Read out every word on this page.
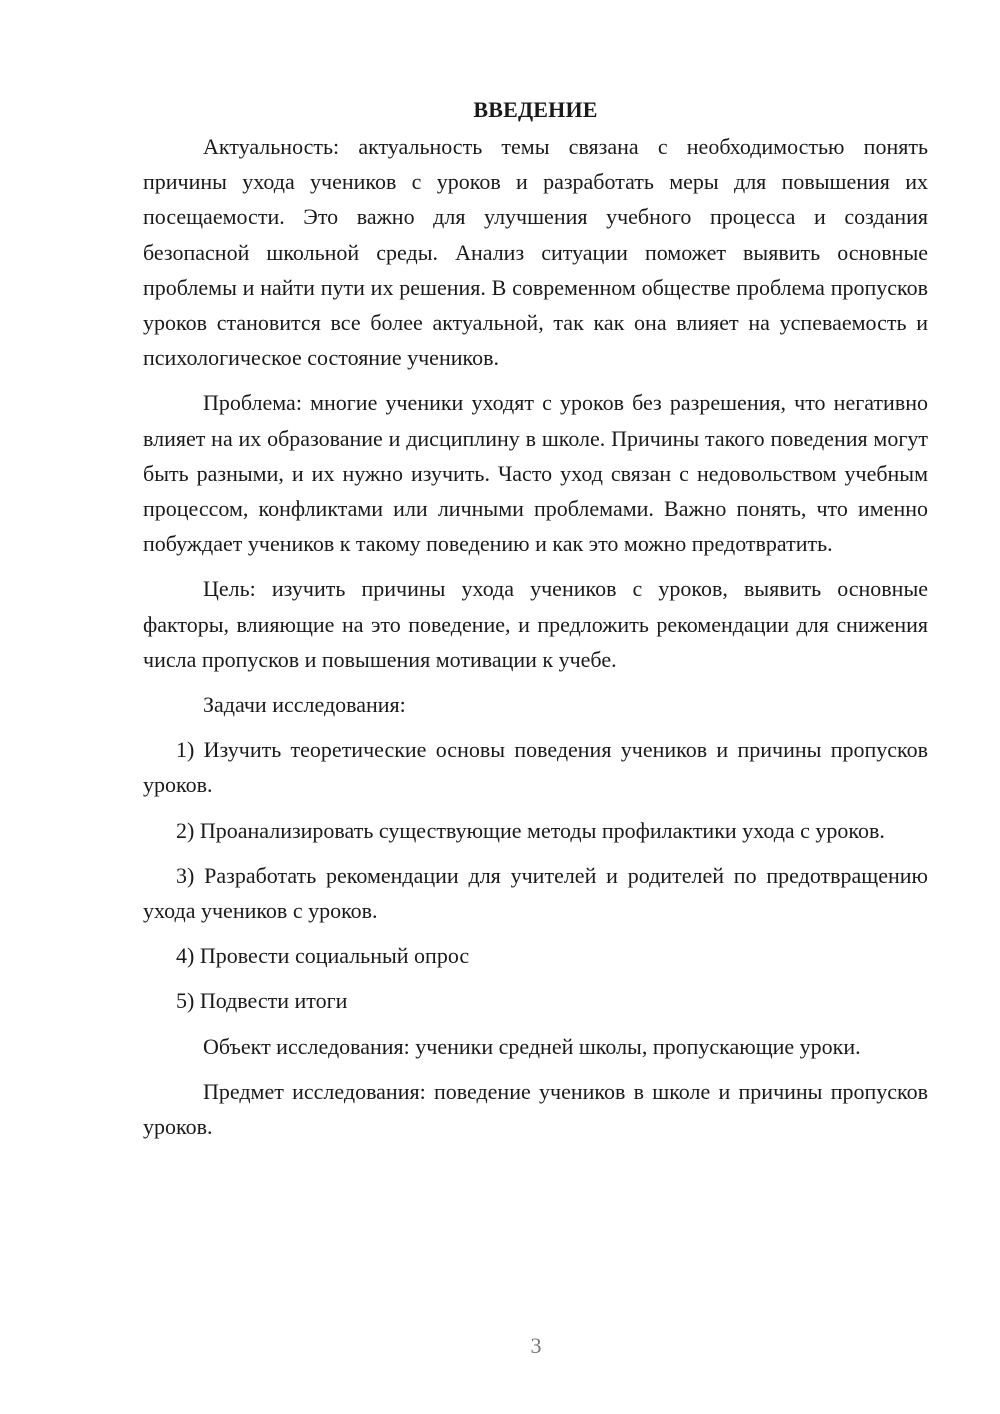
ВВЕДЕНИЕ

Актуальность: актуальность темы связана с необходимостью понять причины ухода учеников с уроков и разработать меры для повышения их посещаемости. Это важно для улучшения учебного процесса и создания безопасной школьной среды. Анализ ситуации поможет выявить основные проблемы и найти пути их решения. В современном обществе проблема пропусков уроков становится все более актуальной, так как она влияет на успеваемость и психологическое состояние учеников.

Проблема: многие ученики уходят с уроков без разрешения, что негативно влияет на их образование и дисциплину в школе. Причины такого поведения могут быть разными, и их нужно изучить. Часто уход связан с недовольством учебным процессом, конфликтами или личными проблемами. Важно понять, что именно побуждает учеников к такому поведению и как это можно предотвратить.

Цель: изучить причины ухода учеников с уроков, выявить основные факторы, влияющие на это поведение, и предложить рекомендации для снижения числа пропусков и повышения мотивации к учебе.

Задачи исследования:

1) Изучить теоретические основы поведения учеников и причины пропусков уроков.

2) Проанализировать существующие методы профилактики ухода с уроков.

3) Разработать рекомендации для учителей и родителей по предотвращению ухода учеников с уроков.

4) Провести социальный опрос

5) Подвести итоги

Объект исследования: ученики средней школы, пропускающие уроки.

Предмет исследования: поведение учеников в школе и причины пропусков уроков.

3
